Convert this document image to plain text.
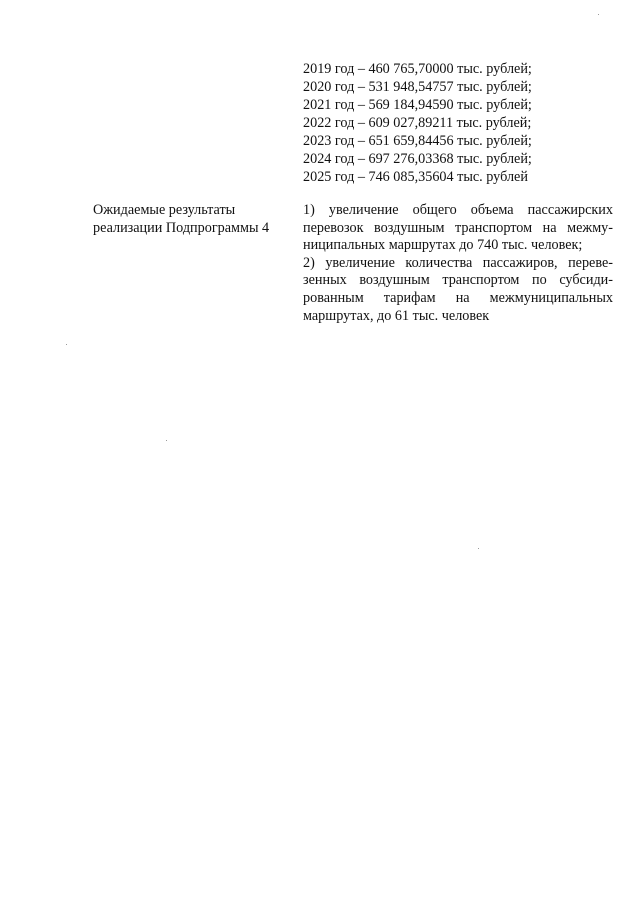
2019 год – 460 765,70000 тыс. рублей;
2020 год – 531 948,54757 тыс. рублей;
2021 год – 569 184,94590 тыс. рублей;
2022 год – 609 027,89211 тыс. рублей;
2023 год – 651 659,84456 тыс. рублей;
2024 год – 697 276,03368 тыс. рублей;
2025 год – 746 085,35604 тыс. рублей
Ожидаемые результаты
реализации Подпрограммы 4

1) увеличение общего объема пассажирских
перевозок воздушным транспортом на межму-
ниципальных маршрутах до 740 тыс. человек;

2) увеличение количества пассажиров, переве-
зенных воздушным транспортом по субсиди-
рованным тарифам на межмуниципальных
маршрутах, до 61 тыс. человек
